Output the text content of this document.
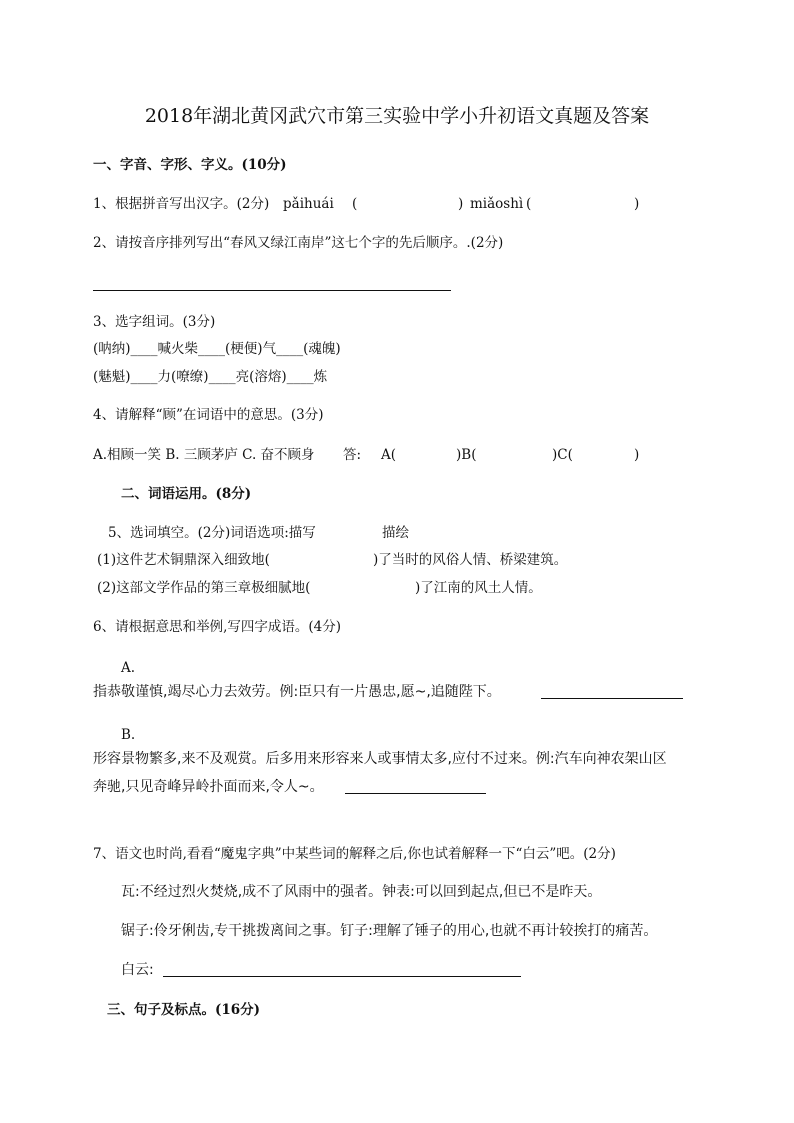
2018年湖北黄冈武穴市第三实验中学小升初语文真题及答案
一、字音、字形、字义。(10分)
1、根据拼音写出汉字。(2分) pǎihuái (	) miǎoshì (	)
2、请按音序排列写出“春风又绿江南岸”这七个字的先后顺序。.(2分)
3、选字组词。(3分)
(呐纳)____喊火柴____(梗便)气____(魂魄)
(魅魁)____力(嘹缭)____亮(溶熔)____炼
4、请解释“顾”在词语中的意思。(3分)
A.相顾一笑 B. 三顾茅庐 C. 奋不顾身 答: A(	)B(	)C(	)
二、词语运用。(8分)
5、选词填空。(2分)词语选项:描写	描绘
(1)这件艺术铜鼎深入细致地(	)了当时的风俗人情、桥梁建筑。
(2)这部文学作品的第三章极细腻地(	)了江南的风土人情。
6、请根据意思和举例,写四字成语。(4分)
A.
指恭敬谨慎,竭尽心力去效劳。例:臣只有一片愚忠,愿~,追随陛下。
B.
形容景物繁多,来不及观赏。后多用来形容来人或事情太多,应付不过来。例:汽车向神农架山区
奔驰,只见奇峰异岭扑面而来,令人~。
7、语文也时尚,看看“魔鬼字典”中某些词的解释之后,你也试着解释一下“白云”吧。(2分)
瓦:不经过烈火焚烧,成不了风雨中的强者。钟表:可以回到起点,但已不是昨天。
锯子:伶牙俐齿,专干挑拨离间之事。钉子:理解了锤子的用心,也就不再计较挨打的痛苦。
白云:
三、句子及标点。(16分)
